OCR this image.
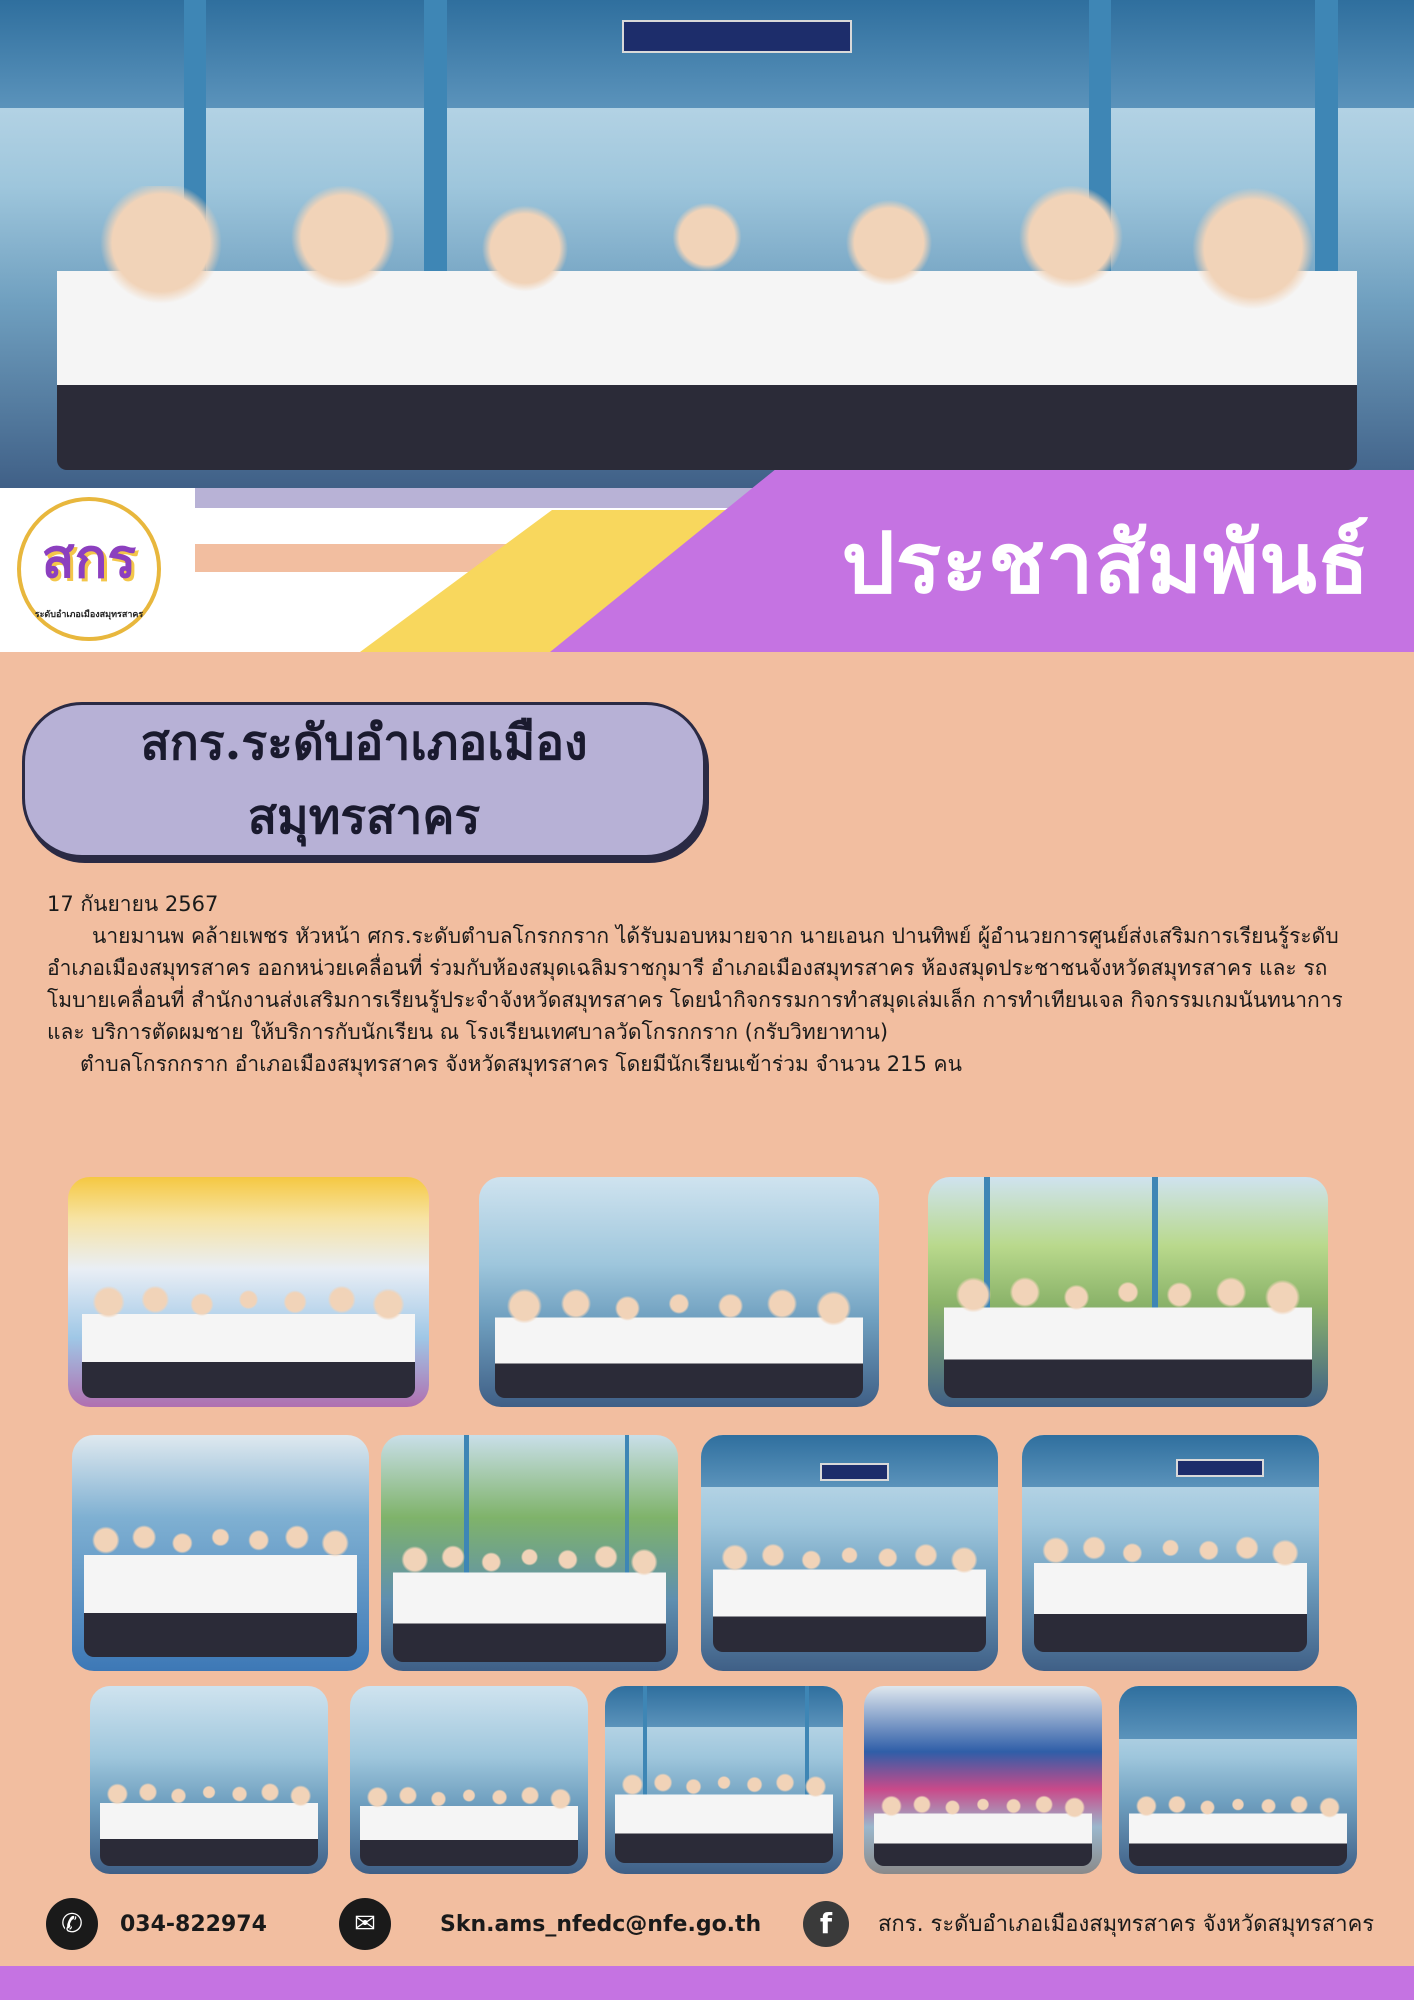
ประชาสัมพันธ์
สกร
ระดับอำเภอเมืองสมุทรสาคร
สกร.ระดับอำเภอเมือง
สมุทรสาคร

17 กันยายน 2567

นายมานพ คล้ายเพชร หัวหน้า ศกร.ระดับตำบลโกรกกราก ได้รับมอบหมายจาก นายเอนก ปานทิพย์ ผู้อำนวยการศูนย์ส่งเสริมการเรียนรู้ระดับอำเภอเมืองสมุทรสาคร ออกหน่วยเคลื่อนที่ ร่วมกับห้องสมุดเฉลิมราชกุมารี อำเภอเมืองสมุทรสาคร ห้องสมุดประชาชนจังหวัดสมุทรสาคร และ รถโมบายเคลื่อนที่ สำนักงานส่งเสริมการเรียนรู้ประจำจังหวัดสมุทรสาคร โดยนำกิจกรรมการทำสมุดเล่มเล็ก การทำเทียนเจล กิจกรรมเกมนันทนาการ และ บริการตัดผมชาย ให้บริการกับนักเรียน ณ โรงเรียนเทศบาลวัดโกรกกราก (กรับวิทยาทาน)

ตำบลโกรกกราก อำเภอเมืองสมุทรสาคร จังหวัดสมุทรสาคร โดยมีนักเรียนเข้าร่วม จำนวน 215 คน

✆	034-822974	✉	Skn.ams_nfedc@nfe.go.th	f	สกร. ระดับอำเภอเมืองสมุทรสาคร จังหวัดสมุทรสาคร
